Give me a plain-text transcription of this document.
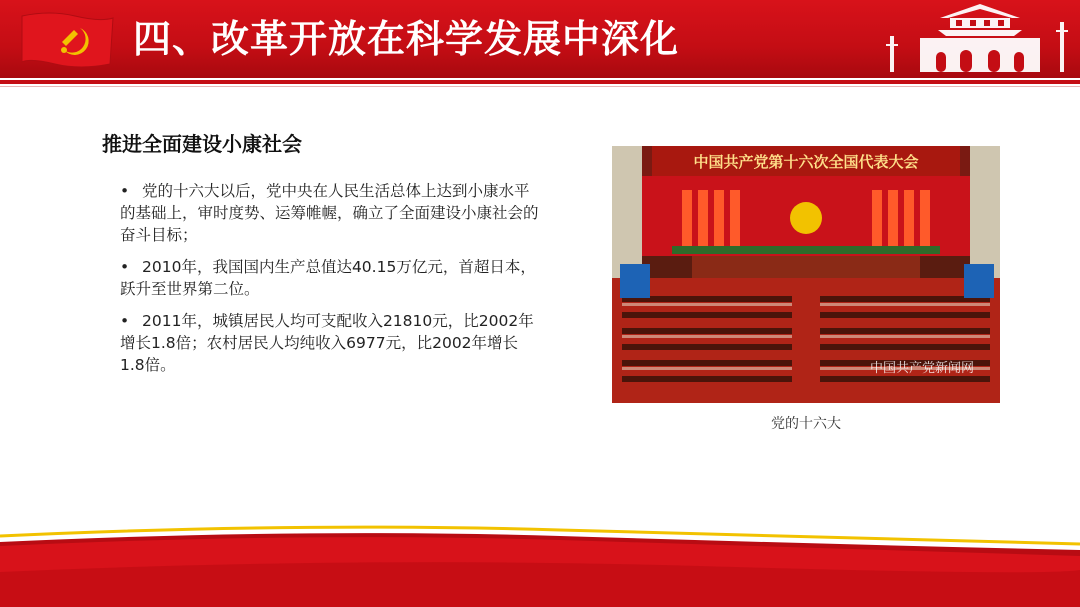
四、改革开放在科学发展中深化
推进全面建设小康社会
• 党的十六大以后，党中央在人民生活总体上达到小康水平的基础上，审时度势、运筹帷幄，确立了全面建设小康社会的奋斗目标；
• 2010年，我国国内生产总值达40.15万亿元，首超日本，跃升至世界第二位。
• 2011年，城镇居民人均可支配收入21810元，比2002年增长1.8倍；农村居民人均纯收入6977元，比2002年增长1.8倍。
中国共产党第十六次全国代表大会
中国共产党新闻网
党的十六大
